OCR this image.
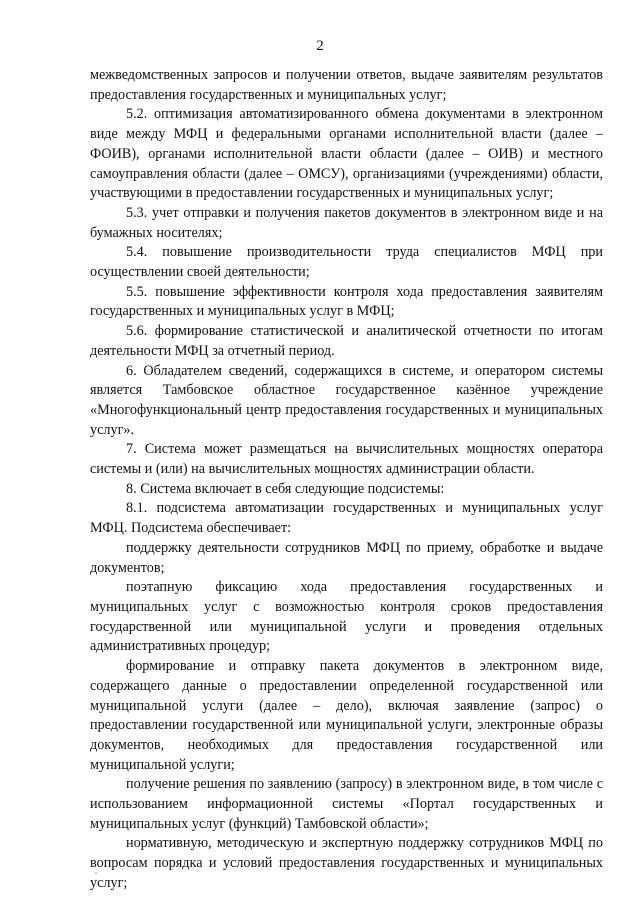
2

межведомственных запросов и получении ответов, выдаче заявителям результатов предоставления государственных и муниципальных услуг;

5.2. оптимизация автоматизированного обмена документами в электронном виде между МФЦ и федеральными органами исполнительной власти (далее – ФОИВ), органами исполнительной власти области (далее – ОИВ) и местного самоуправления области (далее – ОМСУ), организациями (учреждениями) области, участвующими в предоставлении государственных и муниципальных услуг;

5.3. учет отправки и получения пакетов документов в электронном виде и на бумажных носителях;

5.4. повышение производительности труда специалистов МФЦ при осуществлении своей деятельности;

5.5. повышение эффективности контроля хода предоставления заявителям государственных и муниципальных услуг в МФЦ;

5.6. формирование статистической и аналитической отчетности по итогам деятельности МФЦ за отчетный период.

6. Обладателем сведений, содержащихся в системе, и оператором системы является Тамбовское областное государственное казённое учреждение «Многофункциональный центр предоставления государственных и муниципальных услуг».

7. Система может размещаться на вычислительных мощностях оператора системы и (или) на вычислительных мощностях администрации области.

8. Система включает в себя следующие подсистемы:

8.1. подсистема автоматизации государственных и муниципальных услуг МФЦ. Подсистема обеспечивает:

поддержку деятельности сотрудников МФЦ по приему, обработке и выдаче документов;

поэтапную фиксацию хода предоставления государственных и муниципальных услуг с возможностью контроля сроков предоставления государственной или муниципальной услуги и проведения отдельных административных процедур;

формирование и отправку пакета документов в электронном виде, содержащего данные о предоставлении определенной государственной или муниципальной услуги (далее – дело), включая заявление (запрос) о предоставлении государственной или муниципальной услуги, электронные образы документов, необходимых для предоставления государственной или муниципальной услуги;

получение решения по заявлению (запросу) в электронном виде, в том числе с использованием информационной системы «Портал государственных и муниципальных услуг (функций) Тамбовской области»;

нормативную, методическую и экспертную поддержку сотрудников МФЦ по вопросам порядка и условий предоставления государственных и муниципальных услуг;
